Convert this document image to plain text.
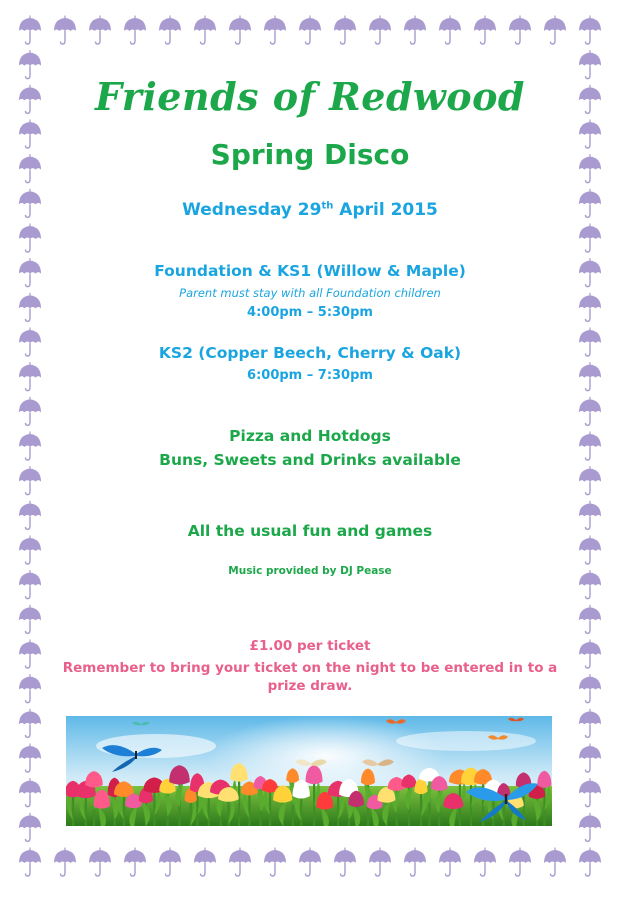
Friends of Redwood
Spring Disco
Wednesday 29th April 2015
Foundation & KS1 (Willow & Maple)
Parent must stay with all Foundation children
4:00pm – 5:30pm
KS2 (Copper Beech, Cherry & Oak)
6:00pm – 7:30pm
Pizza and Hotdogs
Buns, Sweets and Drinks available
All the usual fun and games
Music provided by DJ Pease
£1.00 per ticket
Remember to bring your ticket on the night to be entered in to a
prize draw.
